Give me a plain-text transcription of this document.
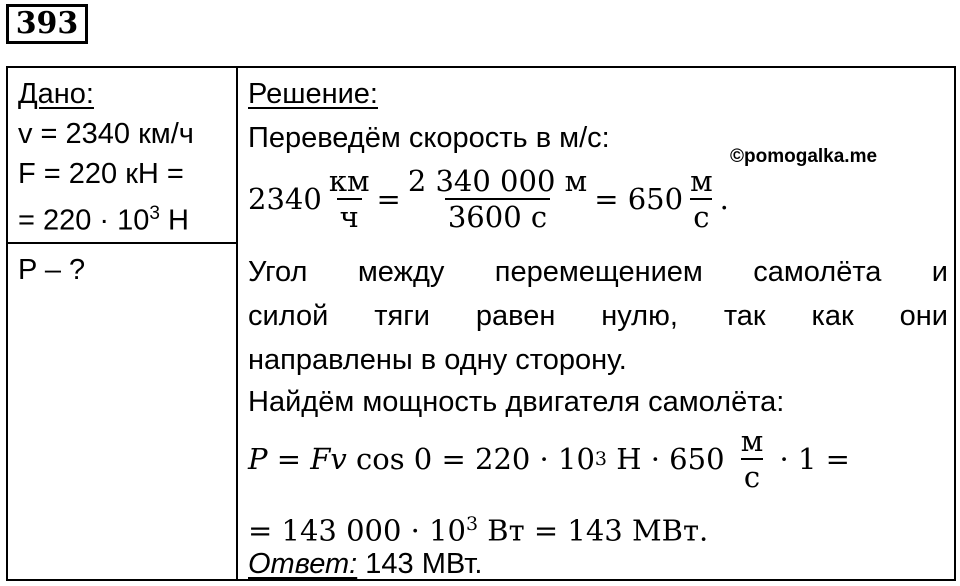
393
Дано:
v = 2340 км/ч
F = 220 кН =
= $220 \cdot 10^3$ Н
P – ?
Решение:
Переведём скорость в м/с:
$2340 \frac{км}{ч} = \frac{2 340 000 м}{3600 с} = 650 \frac{м}{с}$ .
Угол между перемещением самолёта и
силой тяги равен нулю, так как они
направлены в одну сторону.
Найдём мощность двигателя самолёта:
P = Fv cos 0 = 220 · 10 3 $Н \cdot 650 \frac{м}{с} \cdot 1$ =
= 143 $000 \cdot 10^3$ Вт = 143 МВт.
Ответ: 143 МВт.
©pomogalka.me
